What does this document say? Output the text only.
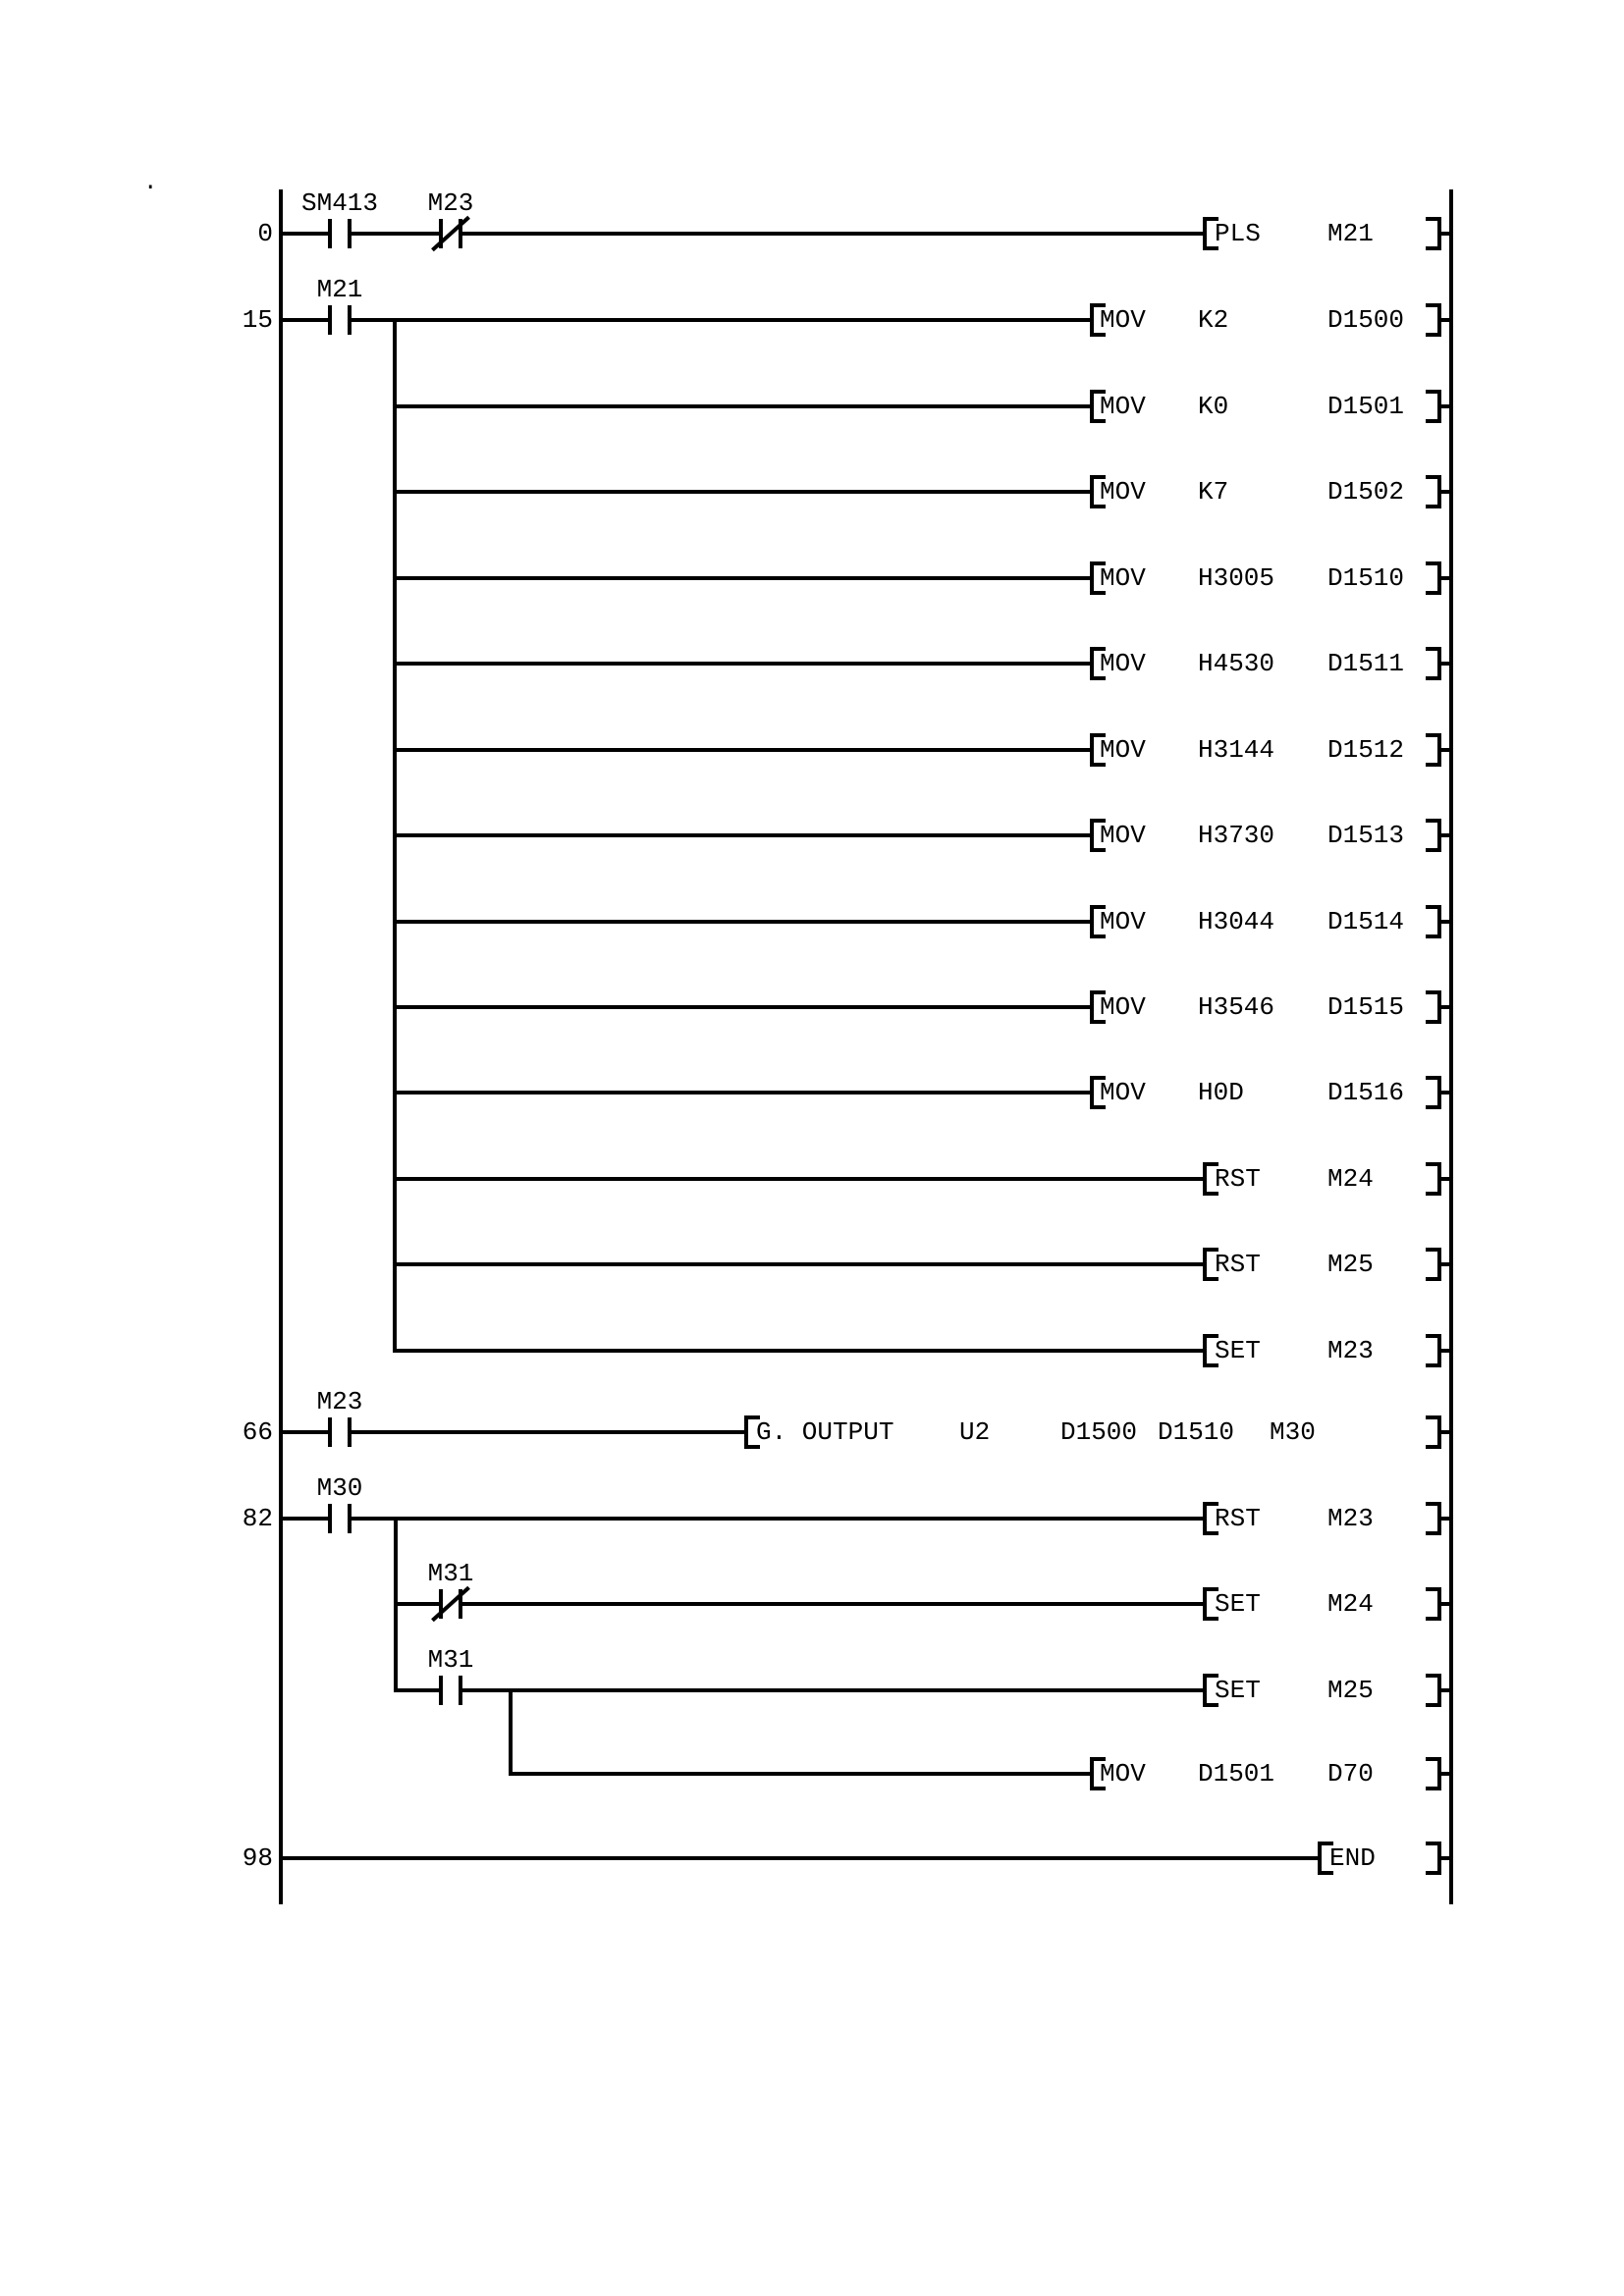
.
0
SM413	M23
PLS	M21
15
M21
MOV K2	D1500
MOV K0	D1501
MOV K7	D1502
MOV H3005 D1510
MOV H4530 D1511
MOV H3144 D1512
MOV H3730 D1513
MOV H3044 D1514
MOV H3546 D1515
MOV H0D	D1516
RST	M24
RST	M25
SET	M23
66
M23
G. OUTPUT	U2	D1500 D1510 M30
82
M30
RST	M23
M31
SET	M24
M31
SET	M25
MOV D1501 D70
98	END
